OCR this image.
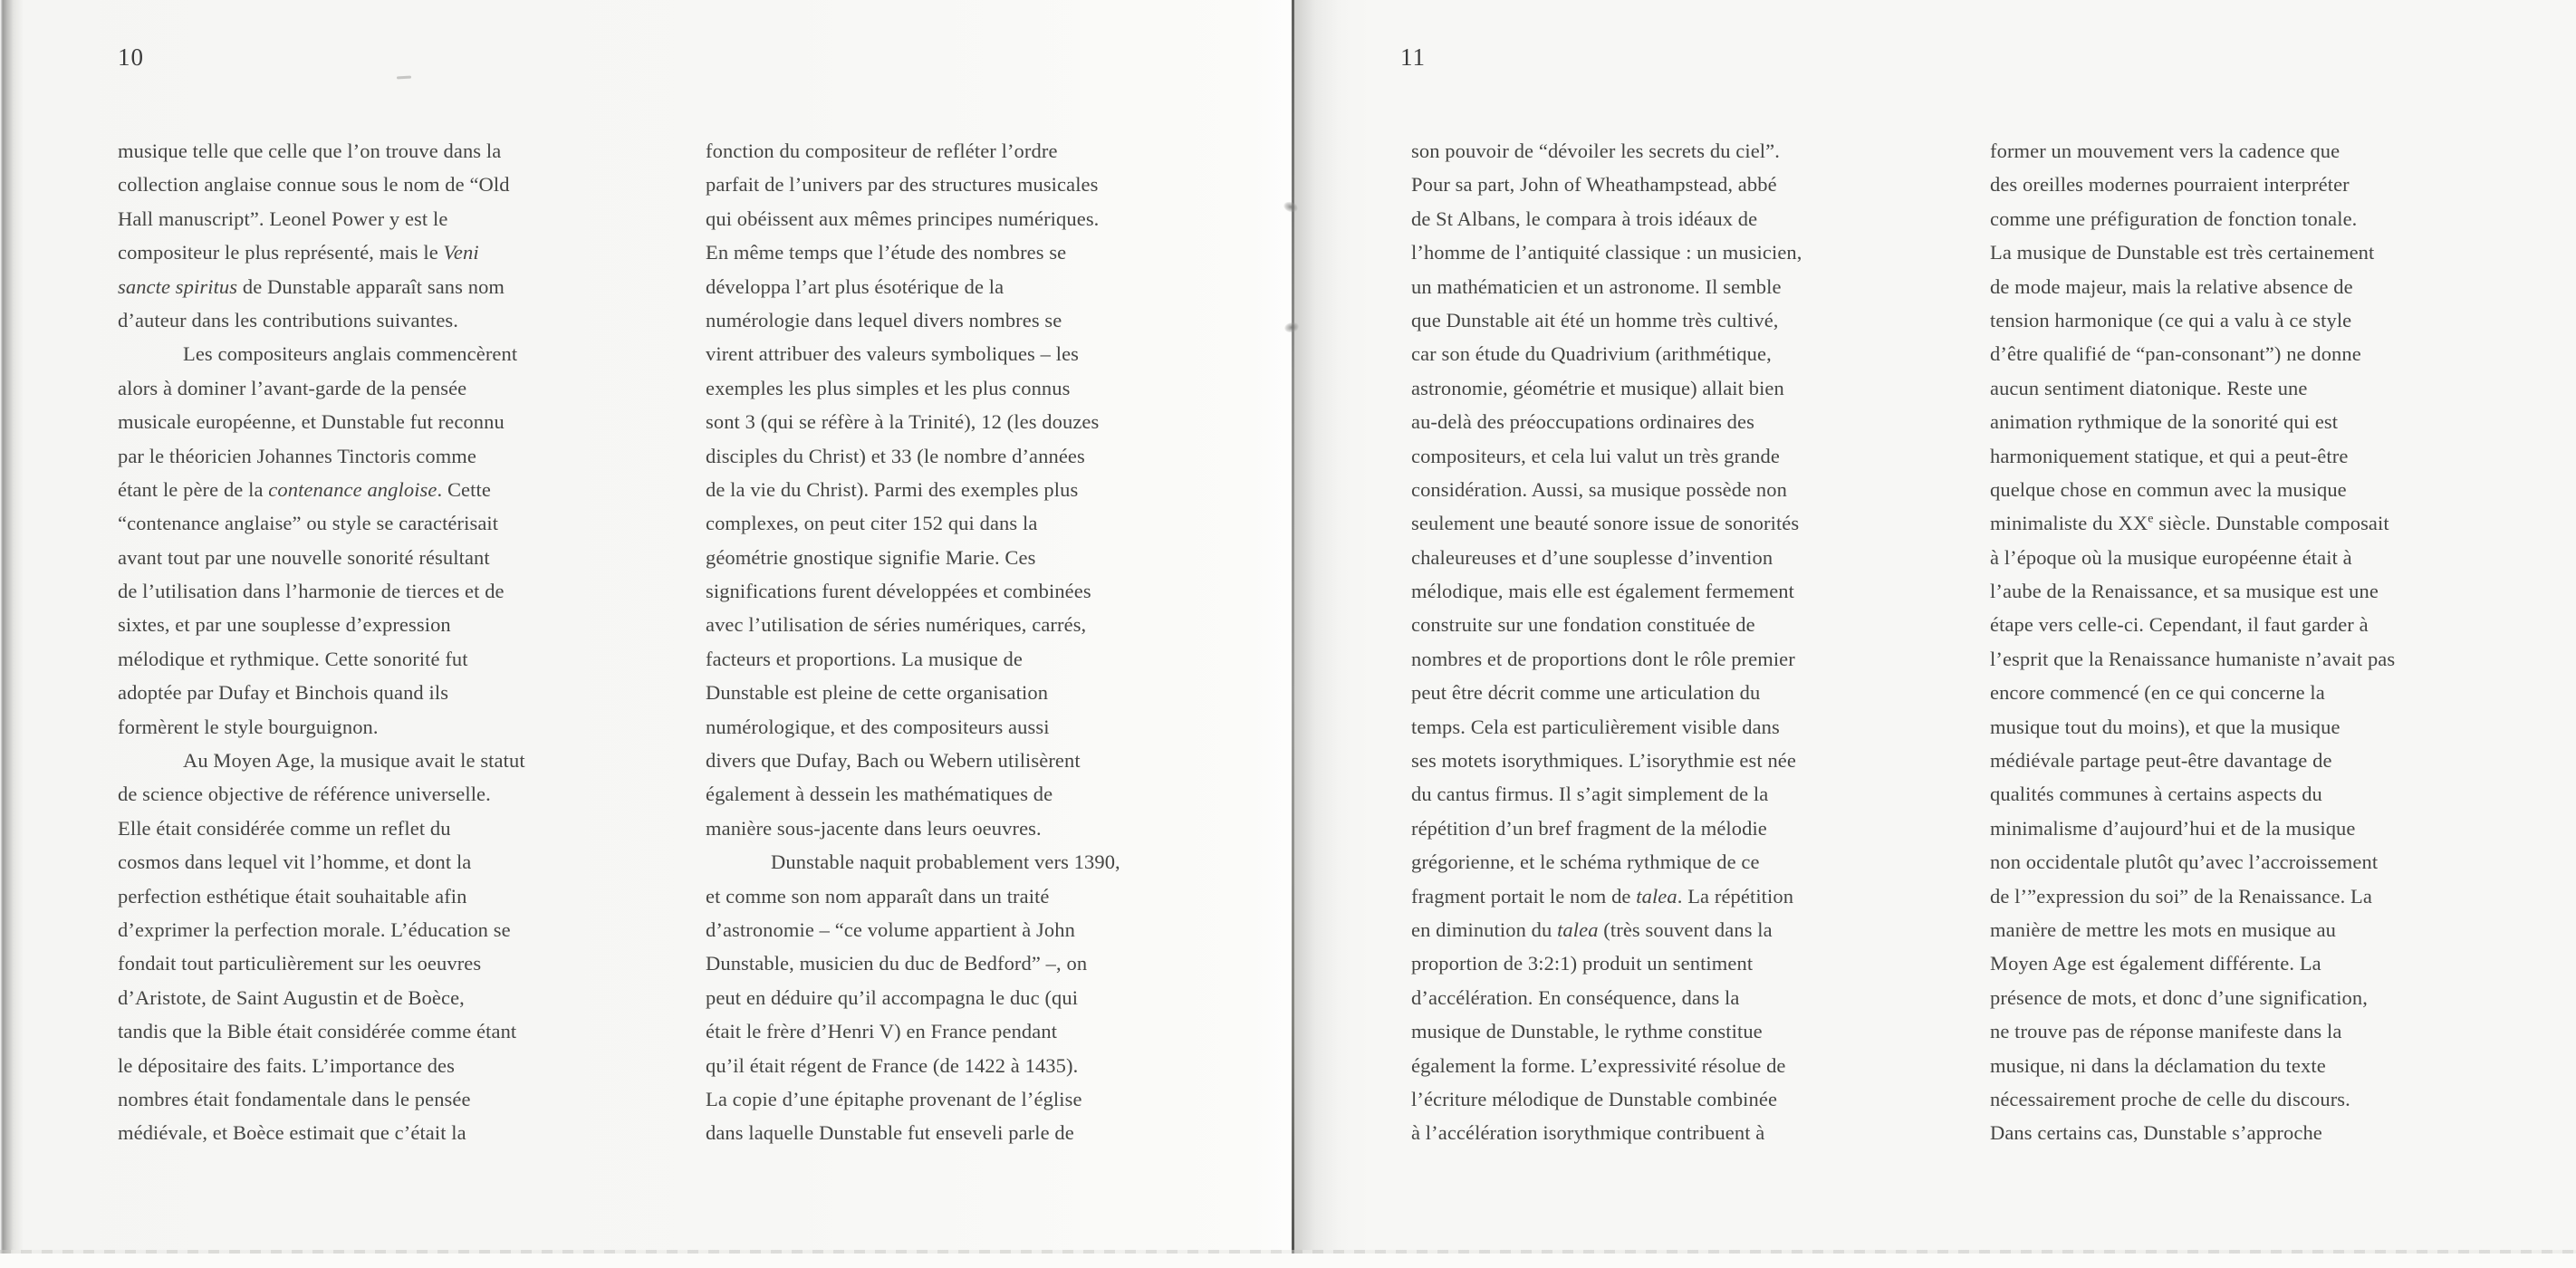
10	11
musique telle que celle que l’on trouve dans la
collection anglaise connue sous le nom de “Old
Hall manuscript”. Leonel Power y est le
compositeur le plus représenté, mais le Veni
sancte spiritus de Dunstable apparaît sans nom
d’auteur dans les contributions suivantes.
Les compositeurs anglais commencèrent
alors à dominer l’avant-garde de la pensée
musicale européenne, et Dunstable fut reconnu
par le théoricien Johannes Tinctoris comme
étant le père de la contenance angloise. Cette
“contenance anglaise” ou style se caractérisait
avant tout par une nouvelle sonorité résultant
de l’utilisation dans l’harmonie de tierces et de
sixtes, et par une souplesse d’expression
mélodique et rythmique. Cette sonorité fut
adoptée par Dufay et Binchois quand ils
formèrent le style bourguignon.
Au Moyen Age, la musique avait le statut
de science objective de référence universelle.
Elle était considérée comme un reflet du
cosmos dans lequel vit l’homme, et dont la
perfection esthétique était souhaitable afin
d’exprimer la perfection morale. L’éducation se
fondait tout particulièrement sur les oeuvres
d’Aristote, de Saint Augustin et de Boèce,
tandis que la Bible était considérée comme étant
le dépositaire des faits. L’importance des
nombres était fondamentale dans le pensée
médiévale, et Boèce estimait que c’était la
fonction du compositeur de refléter l’ordre
parfait de l’univers par des structures musicales
qui obéissent aux mêmes principes numériques.
En même temps que l’étude des nombres se
développa l’art plus ésotérique de la
numérologie dans lequel divers nombres se
virent attribuer des valeurs symboliques – les
exemples les plus simples et les plus connus
sont 3 (qui se réfère à la Trinité), 12 (les douzes
disciples du Christ) et 33 (le nombre d’années
de la vie du Christ). Parmi des exemples plus
complexes, on peut citer 152 qui dans la
géométrie gnostique signifie Marie. Ces
significations furent développées et combinées
avec l’utilisation de séries numériques, carrés,
facteurs et proportions. La musique de
Dunstable est pleine de cette organisation
numérologique, et des compositeurs aussi
divers que Dufay, Bach ou Webern utilisèrent
également à dessein les mathématiques de
manière sous-jacente dans leurs oeuvres.
Dunstable naquit probablement vers 1390,
et comme son nom apparaît dans un traité
d’astronomie – “ce volume appartient à John
Dunstable, musicien du duc de Bedford” –, on
peut en déduire qu’il accompagna le duc (qui
était le frère d’Henri V) en France pendant
qu’il était régent de France (de 1422 à 1435).
La copie d’une épitaphe provenant de l’église
dans laquelle Dunstable fut enseveli parle de
son pouvoir de “dévoiler les secrets du ciel”.
Pour sa part, John of Wheathampstead, abbé
de St Albans, le compara à trois idéaux de
l’homme de l’antiquité classique : un musicien,
un mathématicien et un astronome. Il semble
que Dunstable ait été un homme très cultivé,
car son étude du Quadrivium (arithmétique,
astronomie, géométrie et musique) allait bien
au-delà des préoccupations ordinaires des
compositeurs, et cela lui valut un très grande
considération. Aussi, sa musique possède non
seulement une beauté sonore issue de sonorités
chaleureuses et d’une souplesse d’invention
mélodique, mais elle est également fermement
construite sur une fondation constituée de
nombres et de proportions dont le rôle premier
peut être décrit comme une articulation du
temps. Cela est particulièrement visible dans
ses motets isorythmiques. L’isorythmie est née
du cantus firmus. Il s’agit simplement de la
répétition d’un bref fragment de la mélodie
grégorienne, et le schéma rythmique de ce
fragment portait le nom de talea. La répétition
en diminution du talea (très souvent dans la
proportion de 3:2:1) produit un sentiment
d’accélération. En conséquence, dans la
musique de Dunstable, le rythme constitue
également la forme. L’expressivité résolue de
l’écriture mélodique de Dunstable combinée
à l’accélération isorythmique contribuent à
former un mouvement vers la cadence que
des oreilles modernes pourraient interpréter
comme une préfiguration de fonction tonale.
La musique de Dunstable est très certainement
de mode majeur, mais la relative absence de
tension harmonique (ce qui a valu à ce style
d’être qualifié de “pan-consonant”) ne donne
aucun sentiment diatonique. Reste une
animation rythmique de la sonorité qui est
harmoniquement statique, et qui a peut-être
quelque chose en commun avec la musique
minimaliste du XXe siècle. Dunstable composait
à l’époque où la musique européenne était à
l’aube de la Renaissance, et sa musique est une
étape vers celle-ci. Cependant, il faut garder à
l’esprit que la Renaissance humaniste n’avait pas
encore commencé (en ce qui concerne la
musique tout du moins), et que la musique
médiévale partage peut-être davantage de
qualités communes à certains aspects du
minimalisme d’aujourd’hui et de la musique
non occidentale plutôt qu’avec l’accroissement
de l’”expression du soi” de la Renaissance. La
manière de mettre les mots en musique au
Moyen Age est également différente. La
présence de mots, et donc d’une signification,
ne trouve pas de réponse manifeste dans la
musique, ni dans la déclamation du texte
nécessairement proche de celle du discours.
Dans certains cas, Dunstable s’approche
